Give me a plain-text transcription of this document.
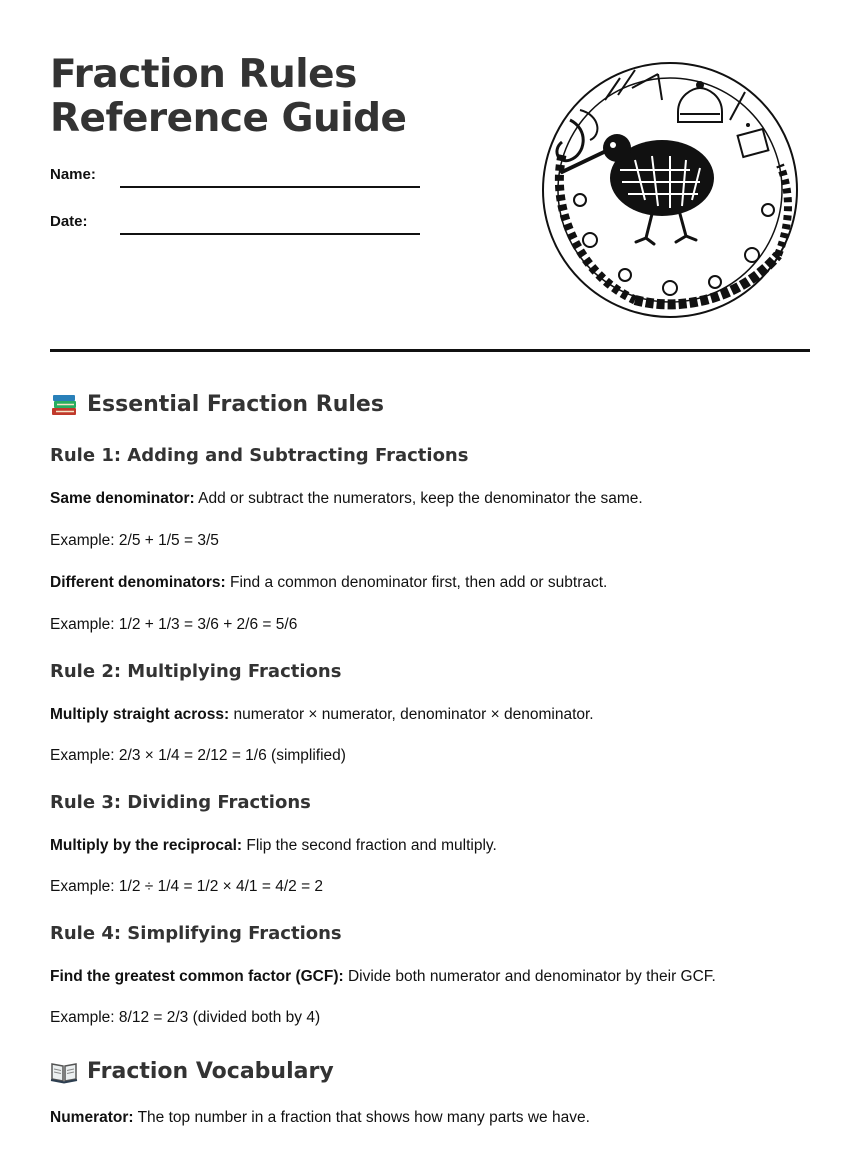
Fraction Rules
Reference Guide
Name:
Date:
Essential Fraction Rules
Rule 1: Adding and Subtracting Fractions

Same denominator: Add or subtract the numerators, keep the denominator the same.

Example: 2/5 + 1/5 = 3/5

Different denominators: Find a common denominator first, then add or subtract.

Example: 1/2 + 1/3 = 3/6 + 2/6 = 5/6

Rule 2: Multiplying Fractions

Multiply straight across: numerator × numerator, denominator × denominator.

Example: 2/3 × 1/4 = 2/12 = 1/6 (simplified)

Rule 3: Dividing Fractions

Multiply by the reciprocal: Flip the second fraction and multiply.

Example: 1/2 ÷ 1/4 = 1/2 × 4/1 = 4/2 = 2

Rule 4: Simplifying Fractions

Find the greatest common factor (GCF): Divide both numerator and denominator by their GCF.

Example: 8/12 = 2/3 (divided both by 4)

Fraction Vocabulary

Numerator: The top number in a fraction that shows how many parts we have.
